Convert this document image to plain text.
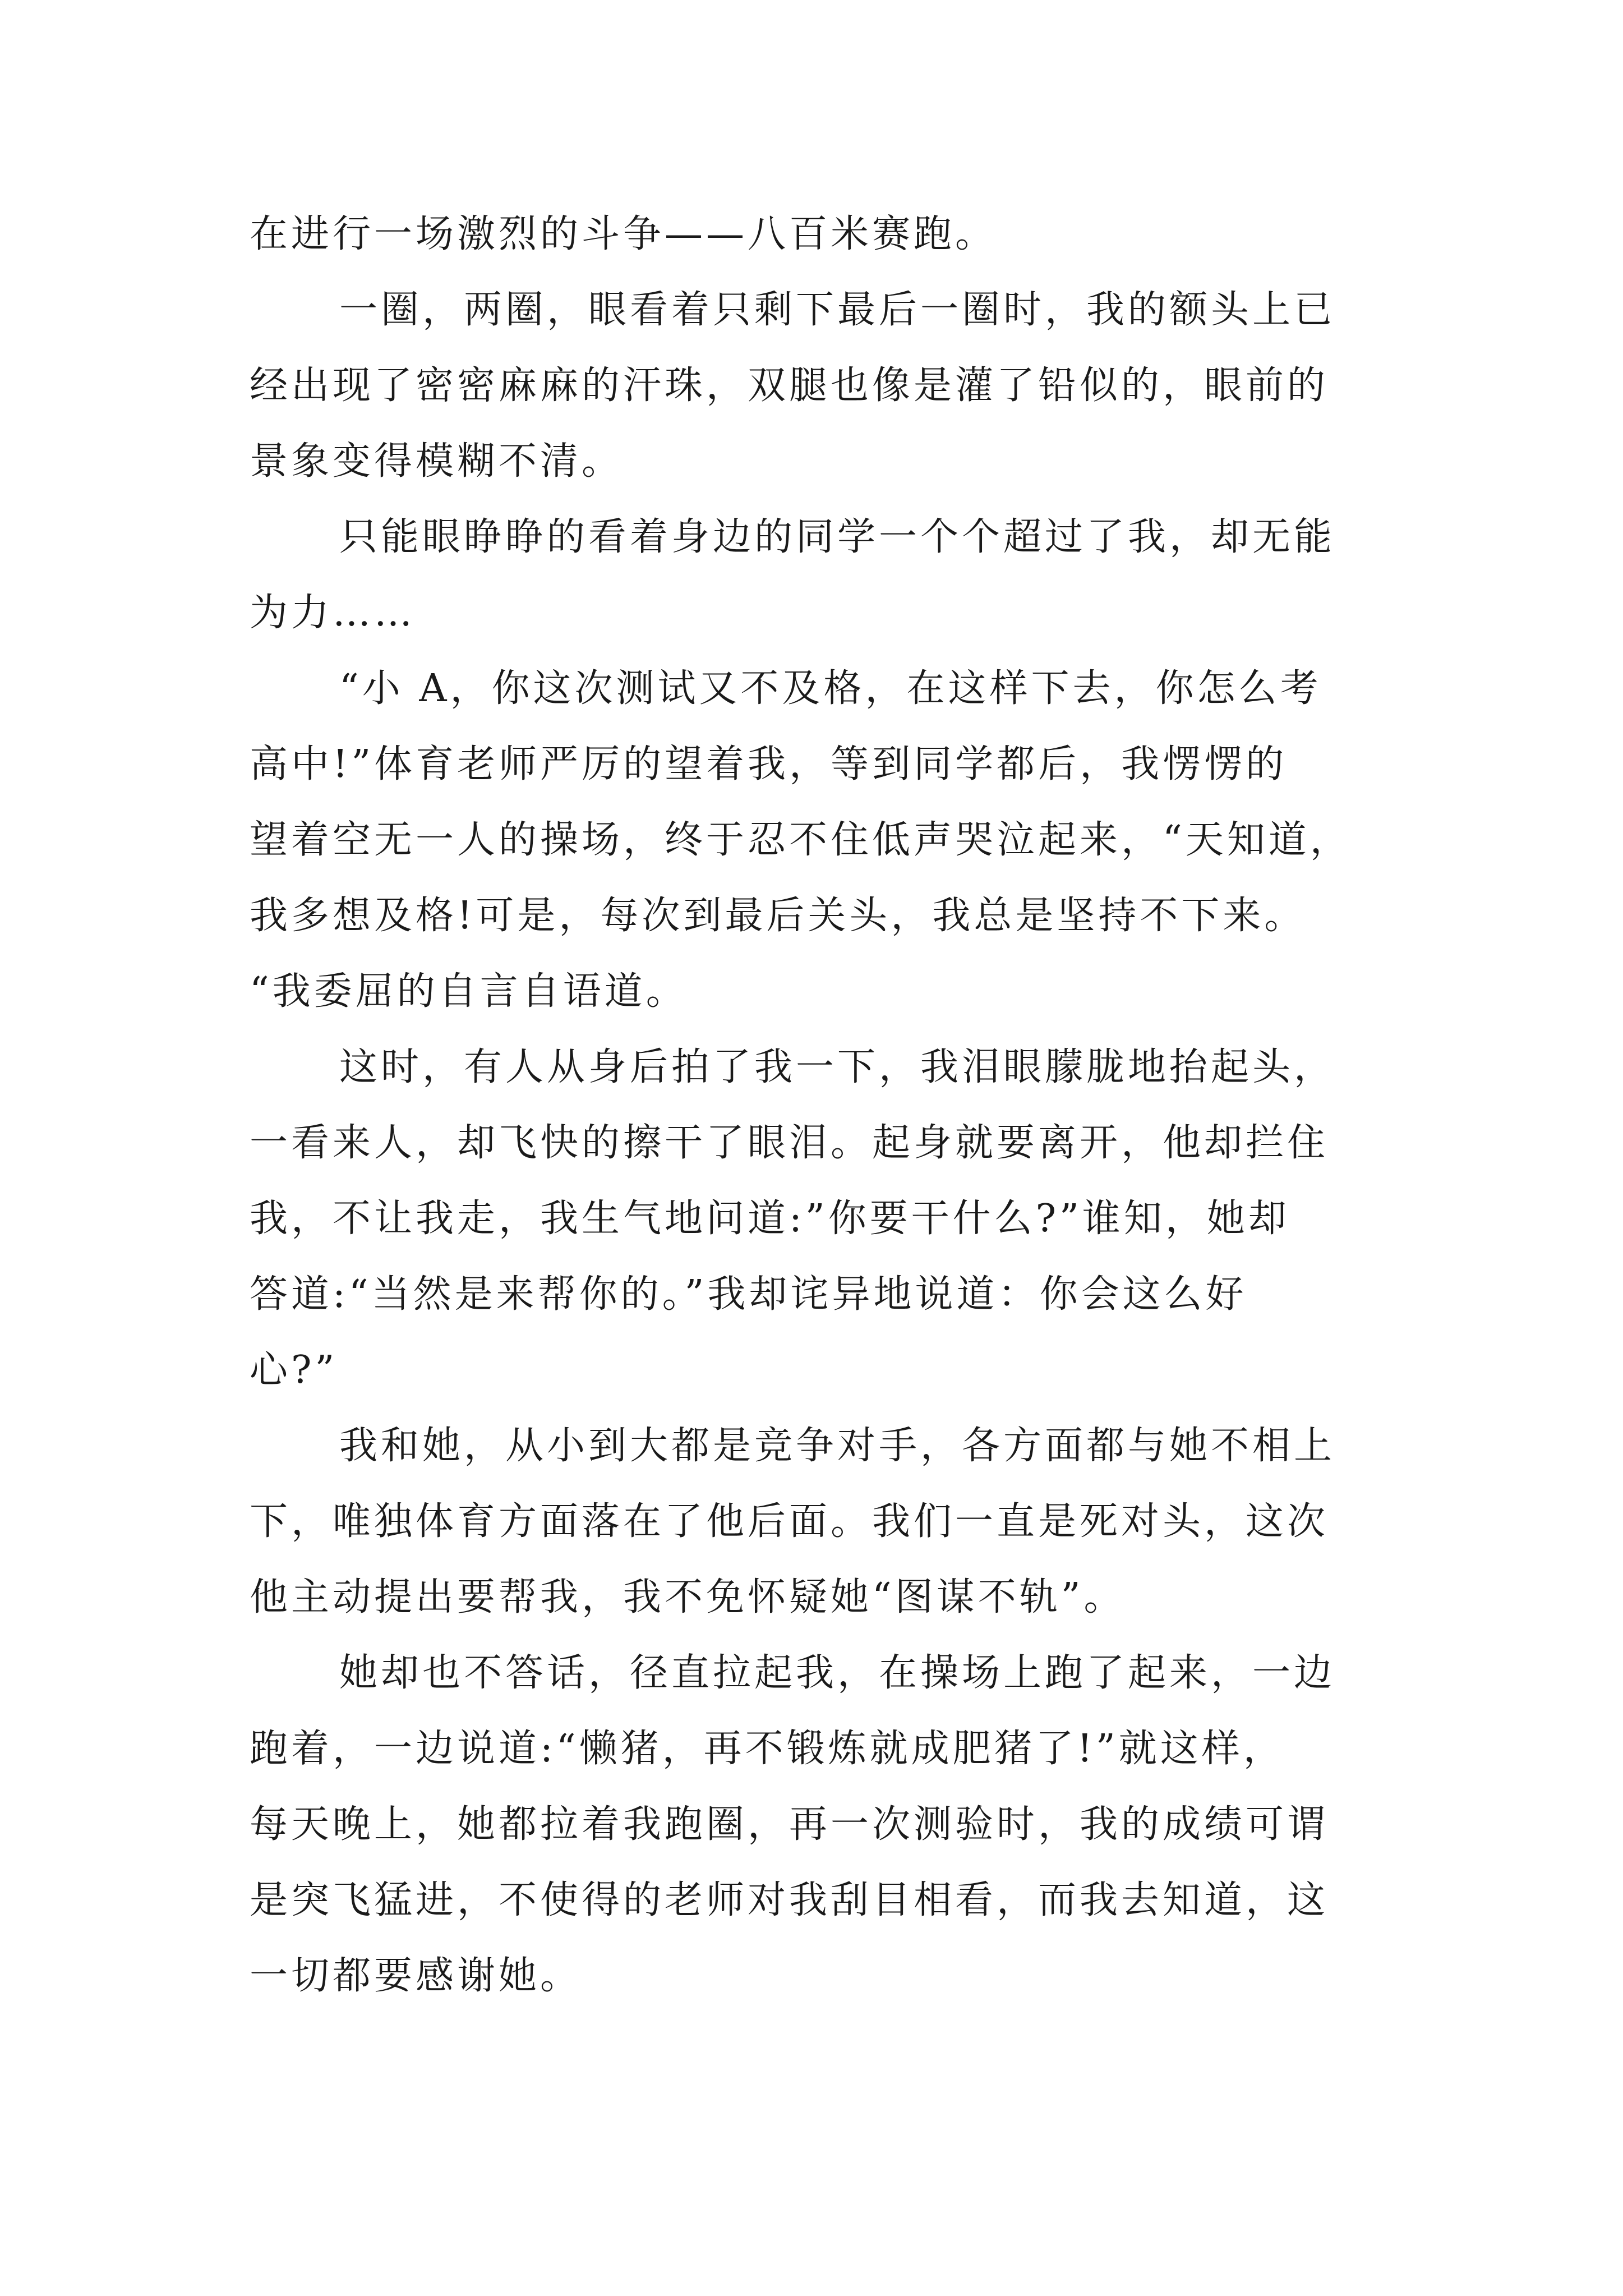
在进行一场激烈的斗争——八百米赛跑。
一圈，两圈，眼看着只剩下最后一圈时，我的额头上已
经出现了密密麻麻的汗珠，双腿也像是灌了铅似的，眼前的
景象变得模糊不清。
只能眼睁睁的看着身边的同学一个个超过了我，却无能
为力……
“小 A，你这次测试又不及格，在这样下去，你怎么考
高中!”体育老师严厉的望着我，等到同学都后，我愣愣的
望着空无一人的操场，终于忍不住低声哭泣起来，“天知道，
我多想及格!可是，每次到最后关头，我总是坚持不下来。
“我委屈的自言自语道。
这时，有人从身后拍了我一下，我泪眼朦胧地抬起头，
一看来人，却飞快的擦干了眼泪。起身就要离开，他却拦住
我，不让我走，我生气地问道:”你要干什么?”谁知，她却
答道:“当然是来帮你的。”我却诧异地说道：你会这么好
心?”
我和她，从小到大都是竞争对手，各方面都与她不相上
下，唯独体育方面落在了他后面。我们一直是死对头，这次
他主动提出要帮我，我不免怀疑她“图谋不轨”。
她却也不答话，径直拉起我，在操场上跑了起来，一边
跑着，一边说道:“懒猪，再不锻炼就成肥猪了!”就这样，
每天晚上，她都拉着我跑圈，再一次测验时，我的成绩可谓
是突飞猛进，不使得的老师对我刮目相看，而我去知道，这
一切都要感谢她。
